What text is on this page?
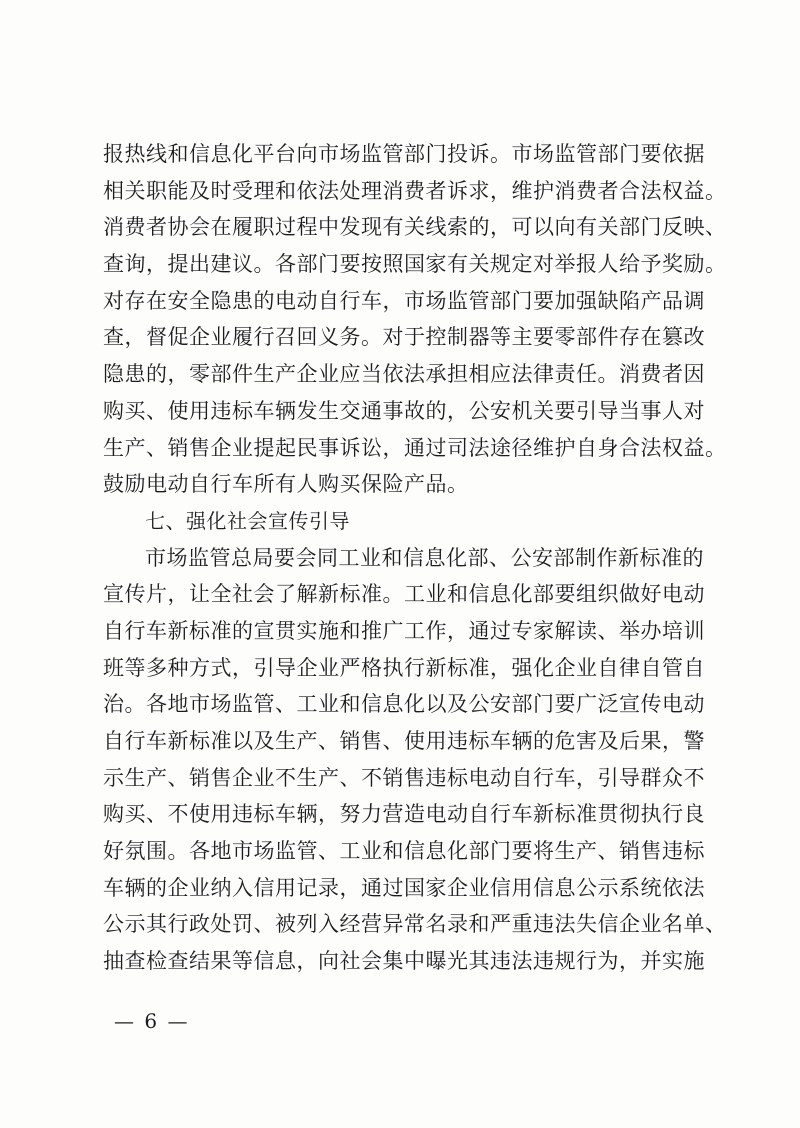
报热线和信息化平台向市场监管部门投诉。市场监管部门要依据
相关职能及时受理和依法处理消费者诉求，维护消费者合法权益。
消费者协会在履职过程中发现有关线索的，可以向有关部门反映、
查询，提出建议。各部门要按照国家有关规定对举报人给予奖励。
对存在安全隐患的电动自行车，市场监管部门要加强缺陷产品调
查，督促企业履行召回义务。对于控制器等主要零部件存在篡改
隐患的，零部件生产企业应当依法承担相应法律责任。消费者因
购买、使用违标车辆发生交通事故的，公安机关要引导当事人对
生产、销售企业提起民事诉讼，通过司法途径维护自身合法权益。
鼓励电动自行车所有人购买保险产品。
七、强化社会宣传引导
市场监管总局要会同工业和信息化部、公安部制作新标准的
宣传片，让全社会了解新标准。工业和信息化部要组织做好电动
自行车新标准的宣贯实施和推广工作，通过专家解读、举办培训
班等多种方式，引导企业严格执行新标准，强化企业自律自管自
治。各地市场监管、工业和信息化以及公安部门要广泛宣传电动
自行车新标准以及生产、销售、使用违标车辆的危害及后果，警
示生产、销售企业不生产、不销售违标电动自行车，引导群众不
购买、不使用违标车辆，努力营造电动自行车新标准贯彻执行良
好氛围。各地市场监管、工业和信息化部门要将生产、销售违标
车辆的企业纳入信用记录，通过国家企业信用信息公示系统依法
公示其行政处罚、被列入经营异常名录和严重违法失信企业名单、
抽查检查结果等信息，向社会集中曝光其违法违规行为，并实施
— 6 —
